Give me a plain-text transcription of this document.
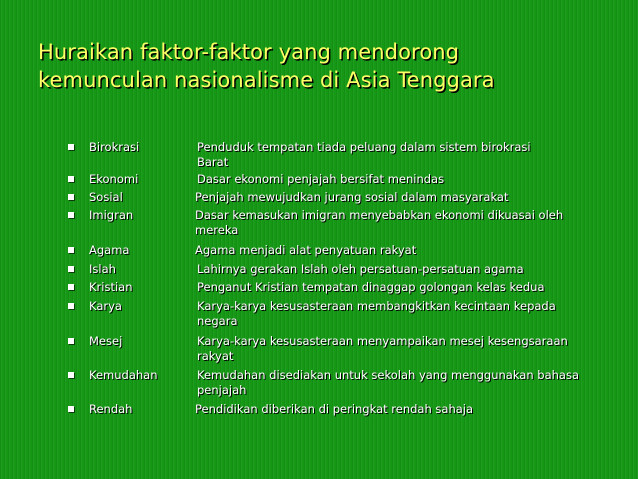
Huraikan faktor-faktor yang mendorong
kemunculan nasionalisme di Asia Tenggara
Birokrasi	Penduduk tempatan tiada peluang dalam sistem birokrasi
Barat
Ekonomi	Dasar ekonomi penjajah bersifat menindas
Sosial	Penjajah mewujudkan jurang sosial dalam masyarakat
Imigran	Dasar kemasukan imigran menyebabkan ekonomi dikuasai oleh
mereka
Agama	Agama menjadi alat penyatuan rakyat
Islah	Lahirnya gerakan Islah oleh persatuan-persatuan agama
Kristian	Penganut Kristian tempatan dinaggap golongan kelas kedua
Karya	Karya-karya kesusasteraan membangkitkan kecintaan kepada
negara
Mesej	Karya-karya kesusasteraan menyampaikan mesej kesengsaraan
rakyat
Kemudahan	Kemudahan disediakan untuk sekolah yang menggunakan bahasa
penjajah
Rendah	Pendidikan diberikan di peringkat rendah sahaja
